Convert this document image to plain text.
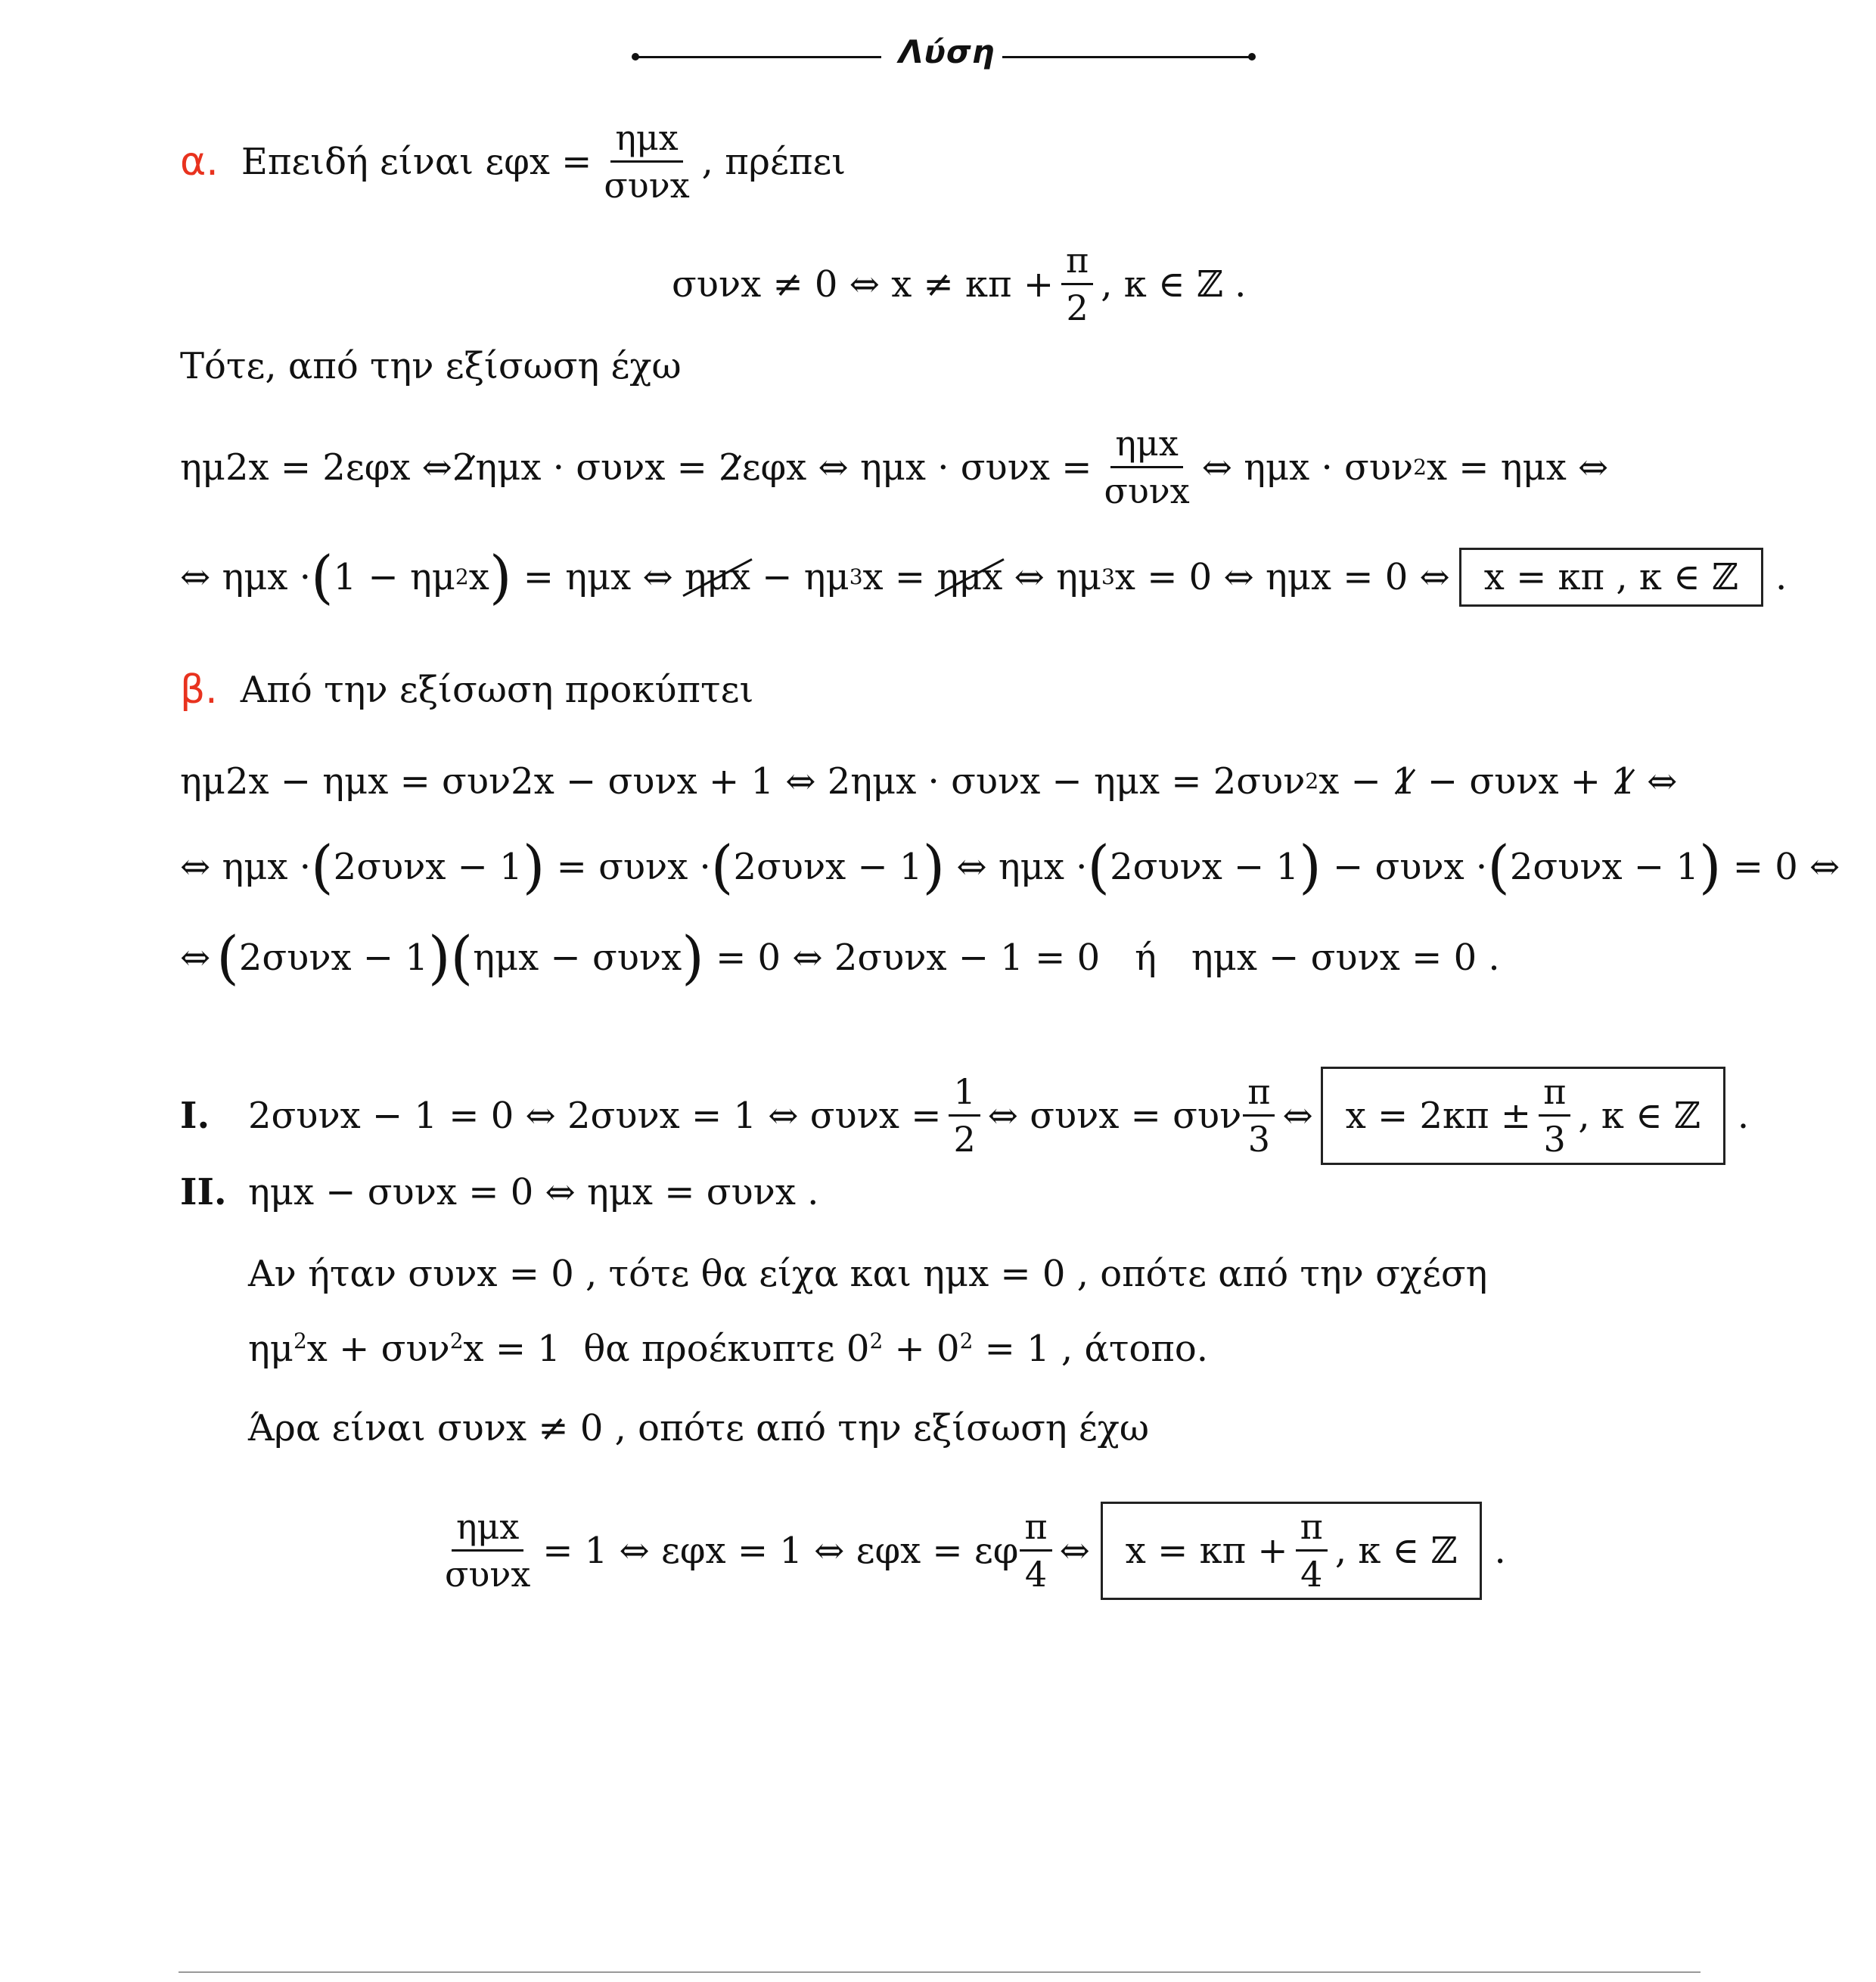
Λύση
α. Επειδή είναι $\varepsilon\varphi x = \frac{\text{ημx}}{\text{συνx}}$ , πρέπει
συνx ≠ 0 ⇔ $x \ne \kappa\pi + \frac{\pi}{2}$ , κ ∈ ℤ .
Τότε, από την εξίσωση έχω
ημ2x = 2εφx ⇔ 2 ημx · συνx = 2 εφx ⇔ $\eta\mu x \cdot \sigma\upsilon\nu x = \frac{\text{ημx}}{\text{συνx}}$ ⇔ ημx · συν 2 x = ημx ⇔
⇔ ημx · ( 1 − ημ 2 x ) = ημx ⇔ ημx − ημ 3 x = ημx ⇔ ημ 3 x = 0 ⇔ ημx = 0 ⇔ x = κπ , κ ∈ ℤ	.
β. Από την εξίσωση προκύπτει
ημ2x − ημx = συν2x − συνx + 1 ⇔ 2ημx · συνx − ημx = 2συν 2 x − 1 − συνx + 1 ⇔
⇔ ημx · ( 2συνx − 1 ) = συνx · ( 2συνx − 1 ) ⇔ ημx · ( 2συνx − 1 ) − συνx · ( 2συνx − 1 ) = 0 ⇔
⇔ ( 2συνx − 1 )( ημx − συνx ) = 0 ⇔ 2συνx − 1 = 0 ή ημx − συνx = 0 .
I.	2συνx − 1 = 0 ⇔ 2συνx = 1 ⇔ $\sigma\upsilon\nu x = \frac{1}{2}$ ⇔ συνx = συν $\frac{\pi}{3}$ ⇔ $x = 2\kappa\pi \pm \frac{\pi}{3}$ , κ ∈ ℤ .
II. ημx − συνx = 0 ⇔ ημx = συνx .
Αν ήταν συνx = 0 , τότε θα είχα και ημx = 0 , οπότε από την σχέση
$\eta\mu^2x + \sigma\upsilon\nu^2x = 1$  θα προέκυπτε $0^2 + 0^2 = 1$ , άτοπο.
Άρα είναι συνx ≠ 0 , οπότε από την εξίσωση έχω
$\frac{\text{ημx}}{\text{συνx}} = 1$ ⇔ εφx = 1 ⇔ εφx = εφ $\frac{\pi}{4}$ ⇔ $x = \kappa\pi + \frac{\pi}{4}$ , κ ∈ ℤ .
